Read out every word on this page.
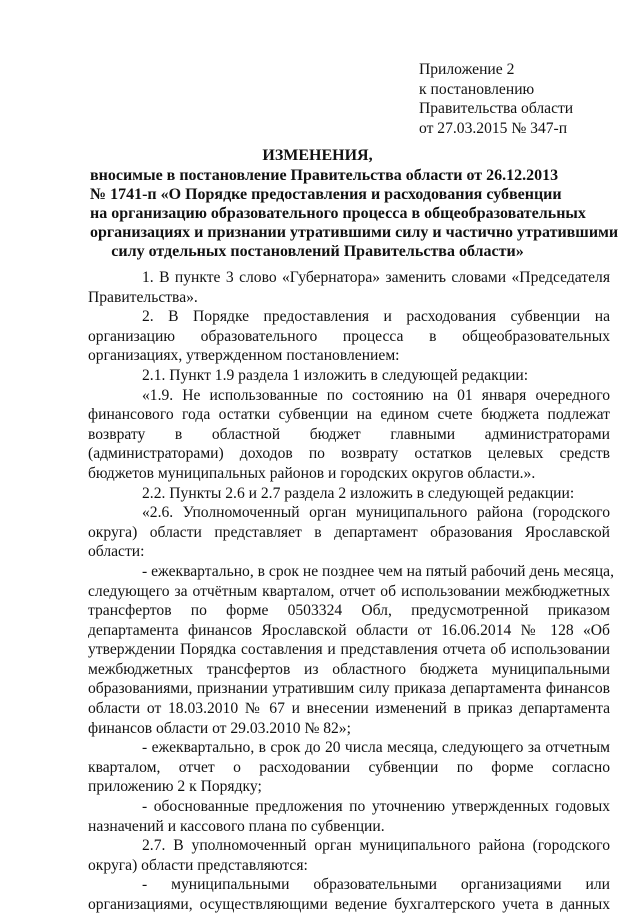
Приложение 2
к постановлению
Правительства области
от 27.03.2015 № 347-п
ИЗМЕНЕНИЯ,
вносимые в постановление Правительства области от 26.12.2013
№ 1741-п «О Порядке предоставления и расходования субвенции
на организацию образовательного процесса в общеобразовательных
организациях и признании утратившими силу и частично утратившими
силу отдельных постановлений Правительства области»
1. В пункте 3 слово «Губернатора» заменить словами «Председателя
Правительства».
2. В Порядке предоставления и расходования субвенции на
организацию образовательного процесса в общеобразовательных
организациях, утвержденном постановлением:
2.1. Пункт 1.9 раздела 1 изложить в следующей редакции:
«1.9. Не использованные по состоянию на 01 января очередного
финансового года остатки субвенции на едином счете бюджета подлежат
возврату в областной бюджет главными администраторами
(администраторами) доходов по возврату остатков целевых средств
бюджетов муниципальных районов и городских округов области.».
2.2. Пункты 2.6 и 2.7 раздела 2 изложить в следующей редакции:
«2.6. Уполномоченный орган муниципального района (городского
округа) области представляет в департамент образования Ярославской
области:
- ежеквартально, в срок не позднее чем на пятый рабочий день месяца,
следующего за отчётным кварталом, отчет об использовании межбюджетных
трансфертов по форме 0503324 Обл, предусмотренной приказом
департамента финансов Ярославской области от 16.06.2014 № 128 «Об
утверждении Порядка составления и представления отчета об использовании
межбюджетных трансфертов из областного бюджета муниципальными
образованиями, признании утратившим силу приказа департамента финансов
области от 18.03.2010 № 67 и внесении изменений в приказ департамента
финансов области от 29.03.2010 № 82»;
- ежеквартально, в срок до 20 числа месяца, следующего за отчетным
кварталом, отчет о расходовании субвенции по форме согласно
приложению 2 к Порядку;
- обоснованные предложения по уточнению утвержденных годовых
назначений и кассового плана по субвенции.
2.7. В уполномоченный орган муниципального района (городского
округа) области представляются:
- муниципальными образовательными организациями или
организациями, осуществляющими ведение бухгалтерского учета в данных
